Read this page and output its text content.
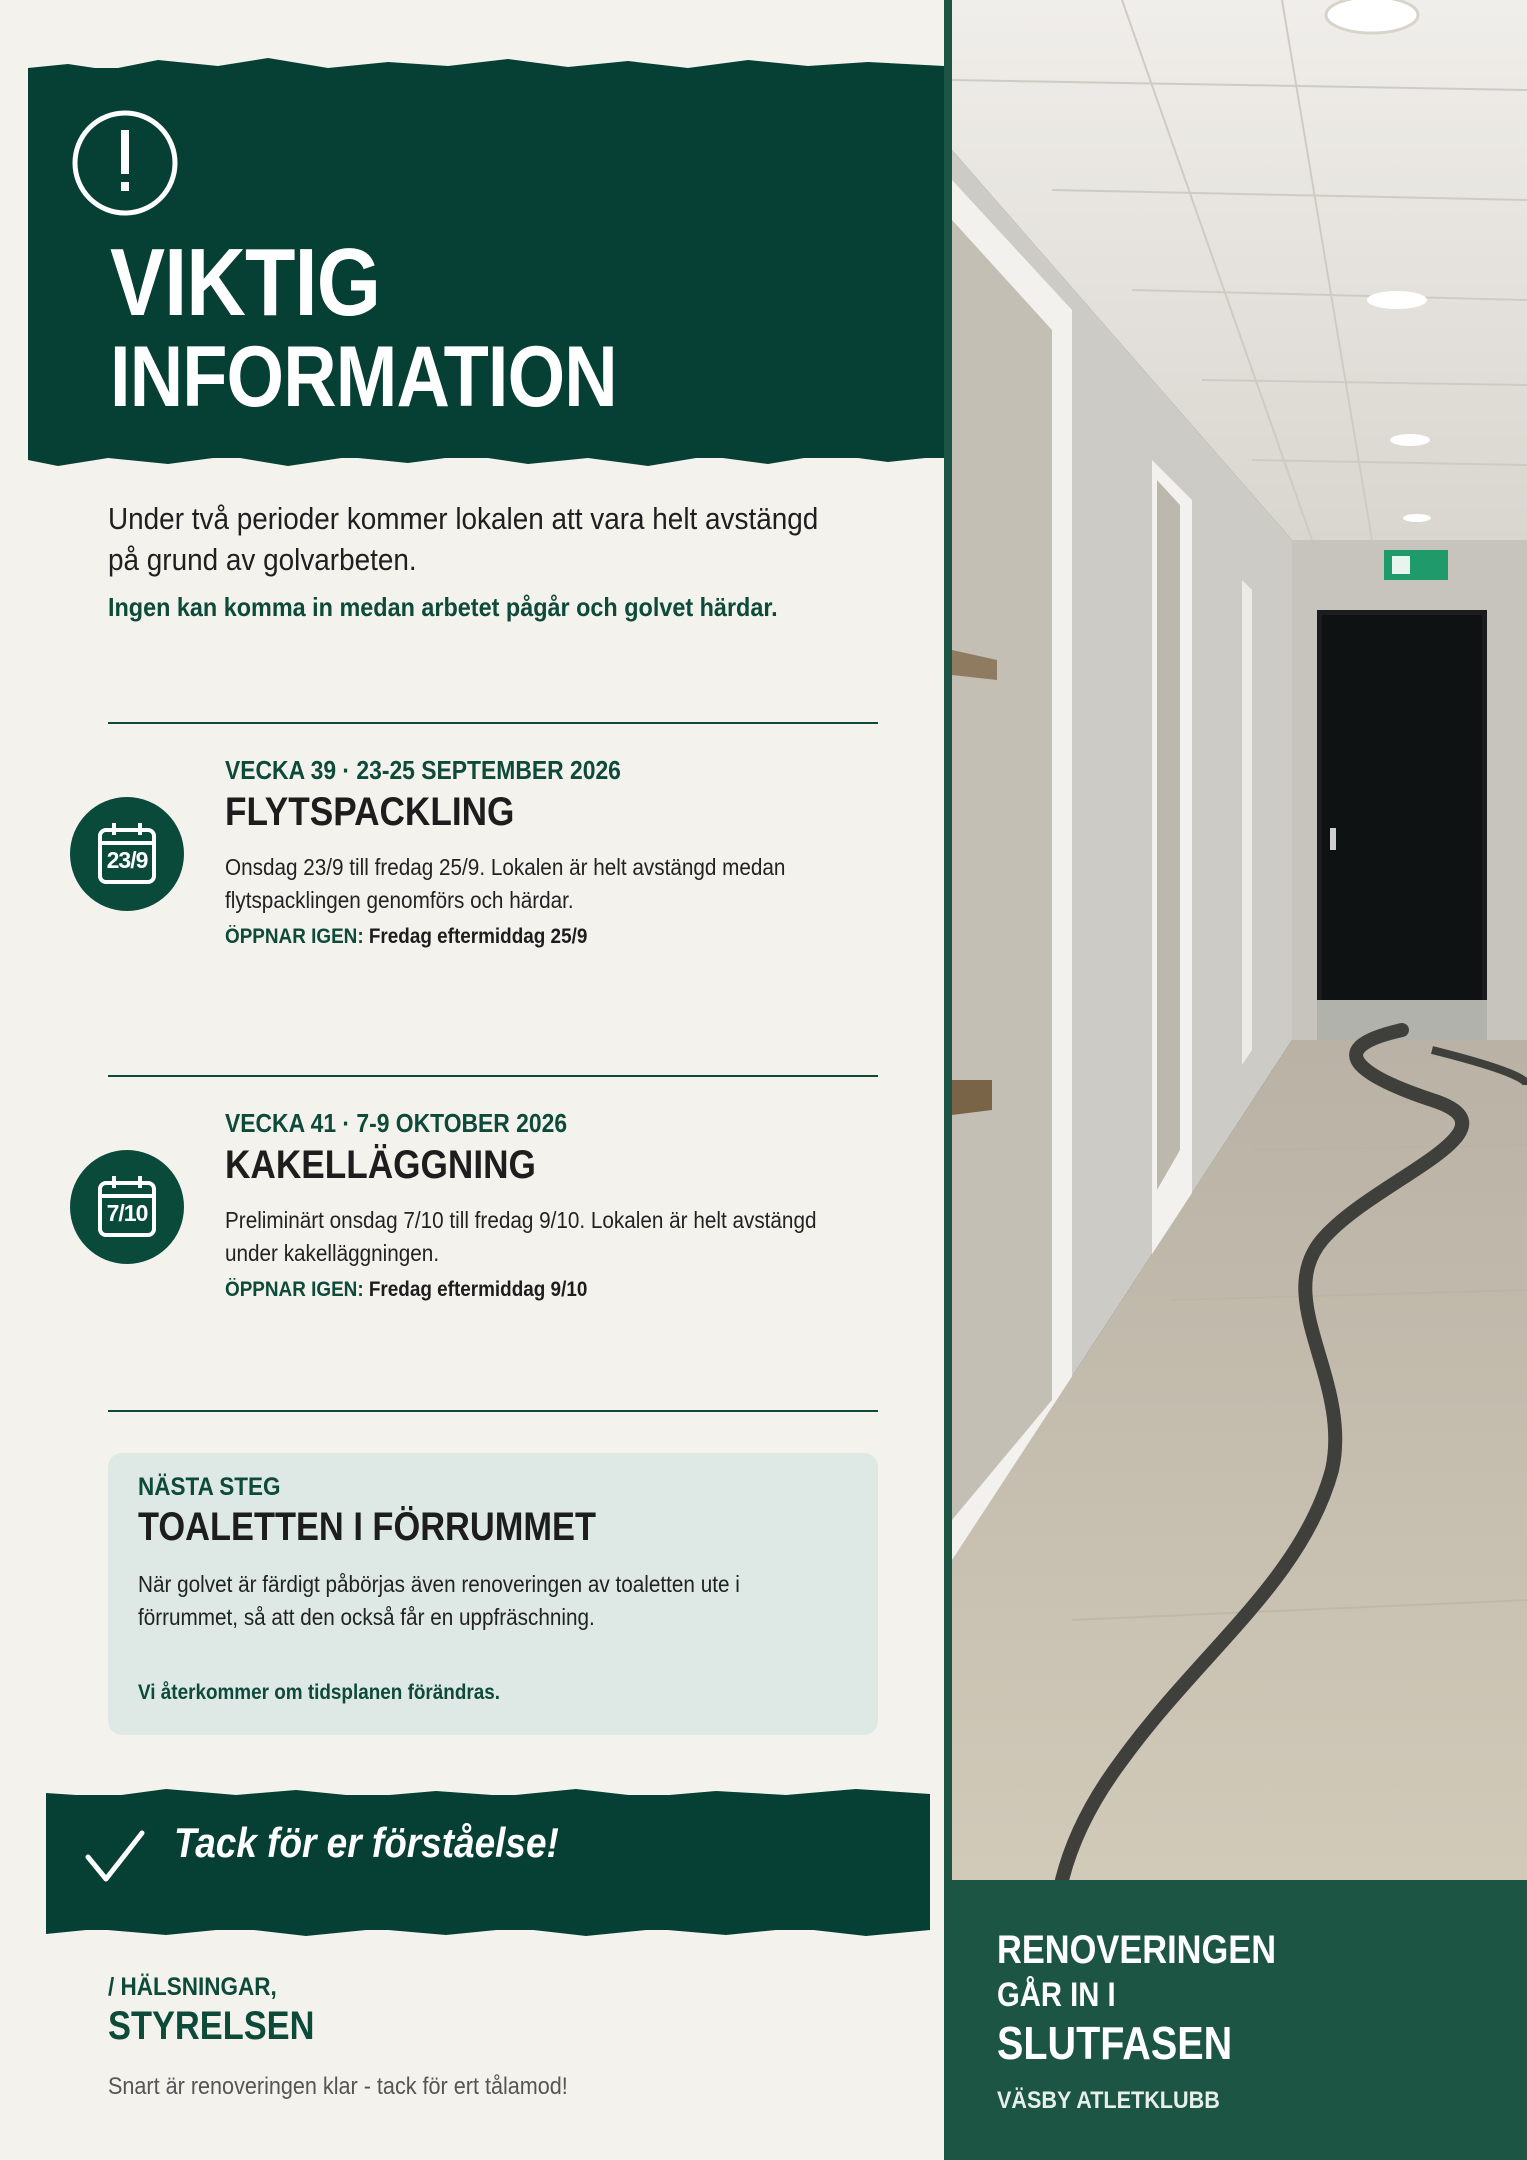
VIKTIG
INFORMATION
Under två perioder kommer lokalen att vara helt avstängd på grund av golvarbeten.
Ingen kan komma in medan arbetet pågår och golvet härdar.
23/9
VECKA 39 · 23-25 SEPTEMBER 2026
FLYTSPACKLING
Onsdag 23/9 till fredag 25/9. Lokalen är helt avstängd medan flytspacklingen genomförs och härdar.
ÖPPNAR IGEN: Fredag eftermiddag 25/9
7/10
VECKA 41 · 7-9 OKTOBER 2026
KAKELLÄGGNING
Preliminärt onsdag 7/10 till fredag 9/10. Lokalen är helt avstängd under kakelläggningen.
ÖPPNAR IGEN: Fredag eftermiddag 9/10
NÄSTA STEG
TOALETTEN I FÖRRUMMET
När golvet är färdigt påbörjas även renoveringen av toaletten ute i förrummet, så att den också får en uppfräschning.
Vi återkommer om tidsplanen förändras.
Tack för er förståelse!
/ HÄLSNINGAR,
STYRELSEN
Snart är renoveringen klar - tack för ert tålamod!
RENOVERINGEN
GÅR IN I
SLUTFASEN
VÄSBY ATLETKLUBB
